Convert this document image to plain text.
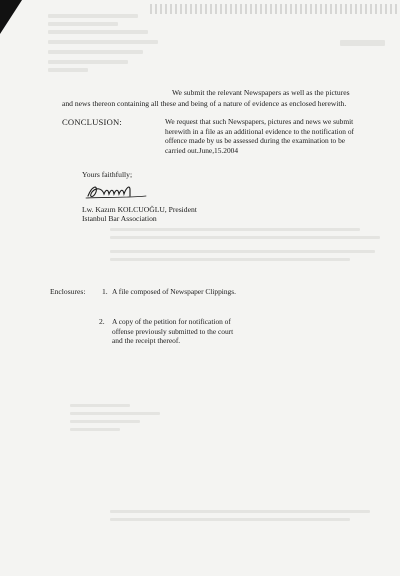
We submit the relevant Newspapers as well as the pictures
and news thereon containing all these and being of a nature of evidence as enclosed herewith.
CONCLUSION:	We request that such Newspapers, pictures and news we submit herewith in a file as an additional evidence to the notification of offence made by us be assessed during the examination to be carried out.June,15.2004
Yours faithfully;
Lw. Kazım KOLCUOĞLU, President
Istanbul Bar Association
Enclosures: 1. A file composed of Newspaper Clippings.
2. A copy of the petition for notification of offense previously submitted to the court and the receipt thereof.
